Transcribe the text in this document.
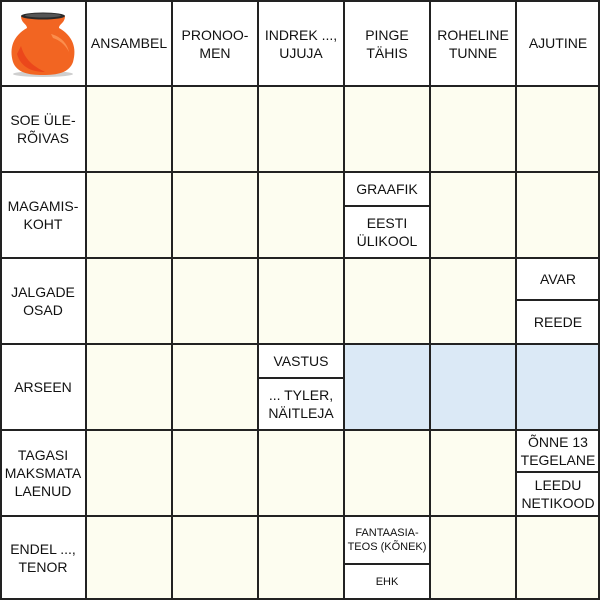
ANSAMBEL PRONOO-
MEN
INDREK ...,
UJUJA
PINGE
TÄHIS
ROHELINE
TUNNE
AJUTINE
SOE ÜLE-
RÕIVAS
MAGAMIS-
KOHT
JALGADE
OSAD
ARSEEN
TAGASI
MAKSMATA
LAENUD
ENDEL ...,
TENOR
GRAAFIK
EESTI
ÜLIKOOL
AVAR
REEDE
VASTUS
... TYLER,
NÄITLEJA
ÕNNE 13
TEGELANE
LEEDU
NETIKOOD
FANTAASIA-
TEOS (KÕNEK)
EHK
